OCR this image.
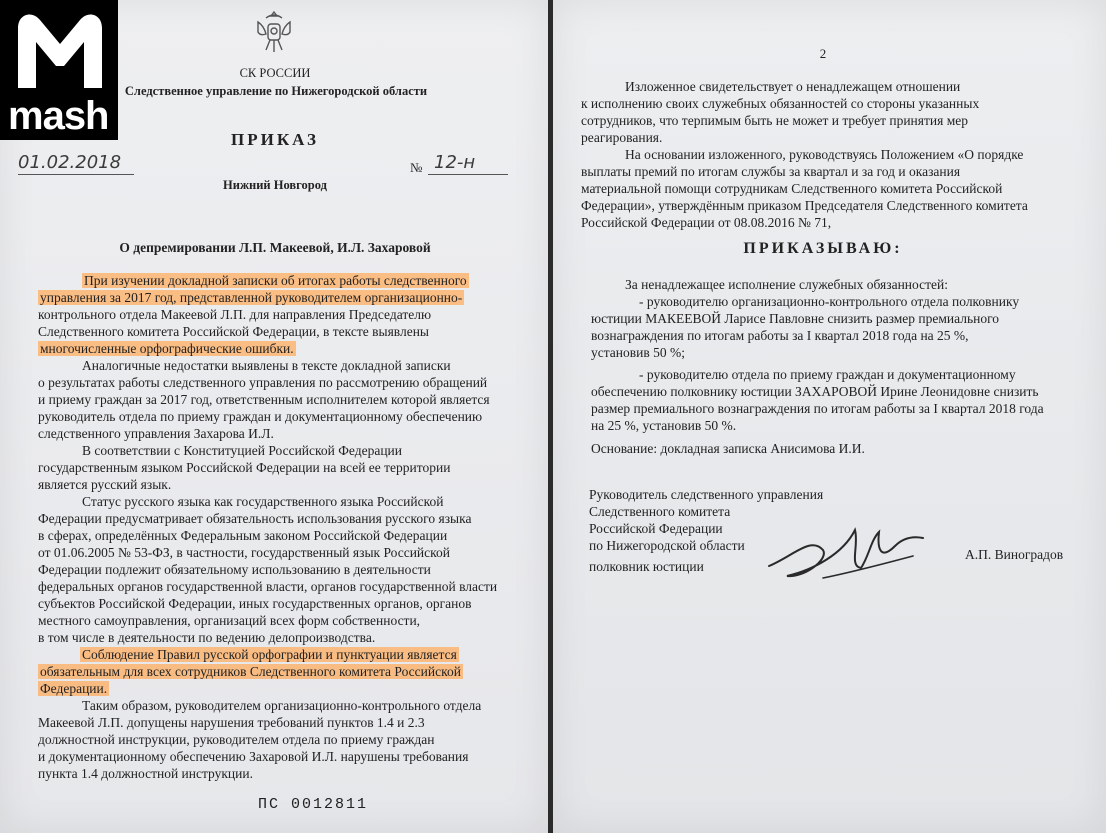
СК РОССИИ
Следственное управление по Нижегородской области
ПРИКАЗ
01.02.2018	№ 12-н
Нижний Новгород
О депремировании Л.П. Макеевой, И.Л. Захаровой
При изучении докладной записки об итогах работы следственного
управления за 2017 год, представленной руководителем организационно-
контрольного отдела Макеевой Л.П. для направления Председателю
Следственного комитета Российской Федерации, в тексте выявлены
многочисленные орфографические ошибки.
Аналогичные недостатки выявлены в тексте докладной записки
о результатах работы следственного управления по рассмотрению обращений
и приему граждан за 2017 год, ответственным исполнителем которой является
руководитель отдела по приему граждан и документационному обеспечению
следственного управления Захарова И.Л.
В соответствии с Конституцией Российской Федерации
государственным языком Российской Федерации на всей ее территории
является русский язык.
Статус русского языка как государственного языка Российской
Федерации предусматривает обязательность использования русского языка
в сферах, определённых Федеральным законом Российской Федерации
от 01.06.2005 № 53-ФЗ, в частности, государственный язык Российской
Федерации подлежит обязательному использованию в деятельности
федеральных органов государственной власти, органов государственной власти
субъектов Российской Федерации, иных государственных органов, органов
местного самоуправления, организаций всех форм собственности,
в том числе в деятельности по ведению делопроизводства.
Соблюдение Правил русской орфографии и пунктуации является
обязательным для всех сотрудников Следственного комитета Российской
Федерации.
Таким образом, руководителем организационно-контрольного отдела
Макеевой Л.П. допущены нарушения требований пунктов 1.4 и 2.3
должностной инструкции, руководителем отдела по приему граждан
и документационному обеспечению Захаровой И.Л. нарушены требования
пункта 1.4 должностной инструкции.
ПС 0012811
2
Изложенное свидетельствует о ненадлежащем отношении
к исполнению своих служебных обязанностей со стороны указанных
сотрудников, что терпимым быть не может и требует принятия мер
реагирования.
На основании изложенного, руководствуясь Положением «О порядке
выплаты премий по итогам службы за квартал и за год и оказания
материальной помощи сотрудникам Следственного комитета Российской
Федерации», утверждённым приказом Председателя Следственного комитета
Российской Федерации от 08.08.2016 № 71,
ПРИКАЗЫВАЮ:
За ненадлежащее исполнение служебных обязанностей:
- руководителю организационно-контрольного отдела полковнику
юстиции МАКЕЕВОЙ Ларисе Павловне снизить размер премиального
вознаграждения по итогам работы за I квартал 2018 года на 25 %,
установив 50 %;
- руководителю отдела по приему граждан и документационному
обеспечению полковнику юстиции ЗАХАРОВОЙ Ирине Леонидовне снизить
размер премиального вознаграждения по итогам работы за I квартал 2018 года
на 25 %, установив 50 %.
Основание: докладная записка Анисимова И.И.
Руководитель следственного управления
Следственного комитета
Российской Федерации
по Нижегородской области
полковник юстиции
А.П. Виноградов
mash
